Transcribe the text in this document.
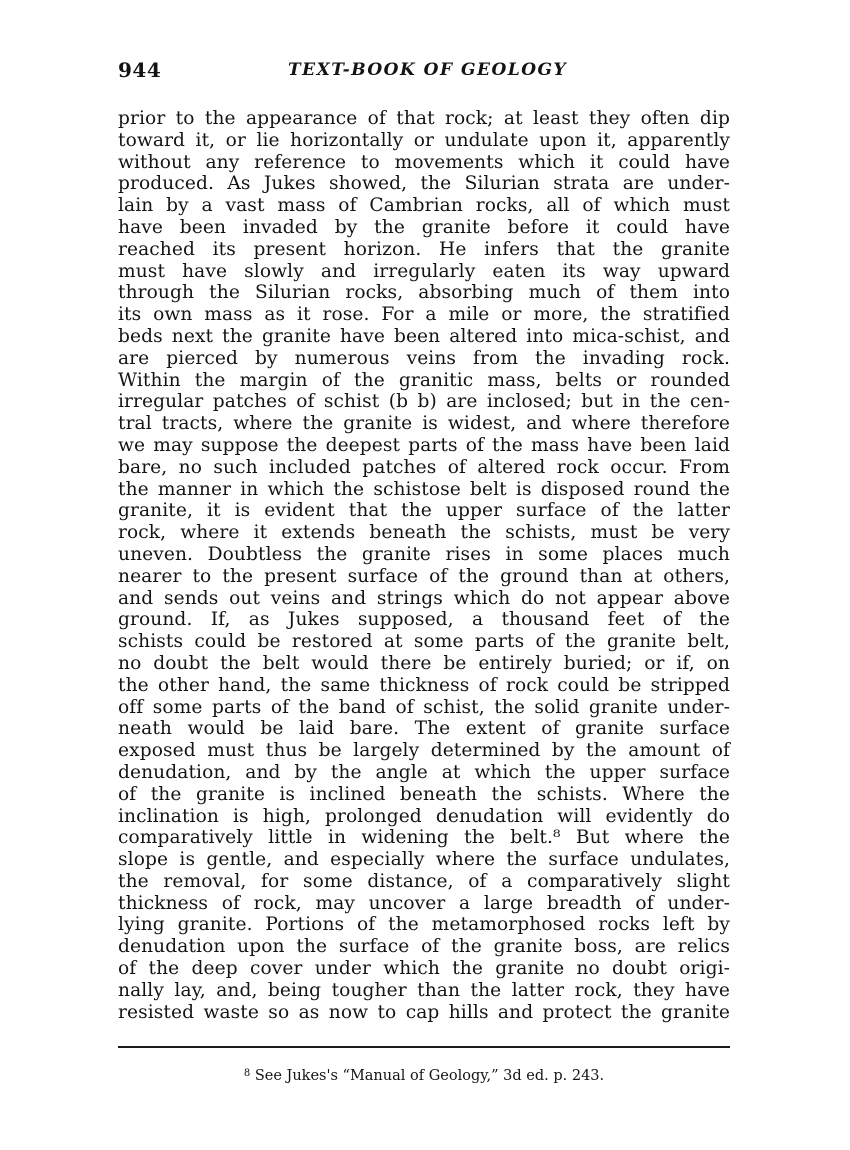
944	TEXT-BOOK OF GEOLOGY
prior to the appearance of that rock; at least they often dip
toward it, or lie horizontally or undulate upon it, apparently
without any reference to movements which it could have
produced. As Jukes showed, the Silurian strata are under-
lain by a vast mass of Cambrian rocks, all of which must
have been invaded by the granite before it could have
reached its present horizon. He infers that the granite
must have slowly and irregularly eaten its way upward
through the Silurian rocks, absorbing much of them into
its own mass as it rose. For a mile or more, the stratified
beds next the granite have been altered into mica-schist, and
are pierced by numerous veins from the invading rock.
Within the margin of the granitic mass, belts or rounded
irregular patches of schist (b b) are inclosed; but in the cen-
tral tracts, where the granite is widest, and where therefore
we may suppose the deepest parts of the mass have been laid
bare, no such included patches of altered rock occur. From
the manner in which the schistose belt is disposed round the
granite, it is evident that the upper surface of the latter
rock, where it extends beneath the schists, must be very
uneven. Doubtless the granite rises in some places much
nearer to the present surface of the ground than at others,
and sends out veins and strings which do not appear above
ground. If, as Jukes supposed, a thousand feet of the
schists could be restored at some parts of the granite belt,
no doubt the belt would there be entirely buried; or if, on
the other hand, the same thickness of rock could be stripped
off some parts of the band of schist, the solid granite under-
neath would be laid bare. The extent of granite surface
exposed must thus be largely determined by the amount of
denudation, and by the angle at which the upper surface
of the granite is inclined beneath the schists. Where the
inclination is high, prolonged denudation will evidently do
comparatively little in widening the belt.⁸ But where the
slope is gentle, and especially where the surface undulates,
the removal, for some distance, of a comparatively slight
thickness of rock, may uncover a large breadth of under-
lying granite. Portions of the metamorphosed rocks left by
denudation upon the surface of the granite boss, are relics
of the deep cover under which the granite no doubt origi-
nally lay, and, being tougher than the latter rock, they have
resisted waste so as now to cap hills and protect the granite
$^8$ See Jukes's “Manual of Geology,” 3d ed. p. 243.
